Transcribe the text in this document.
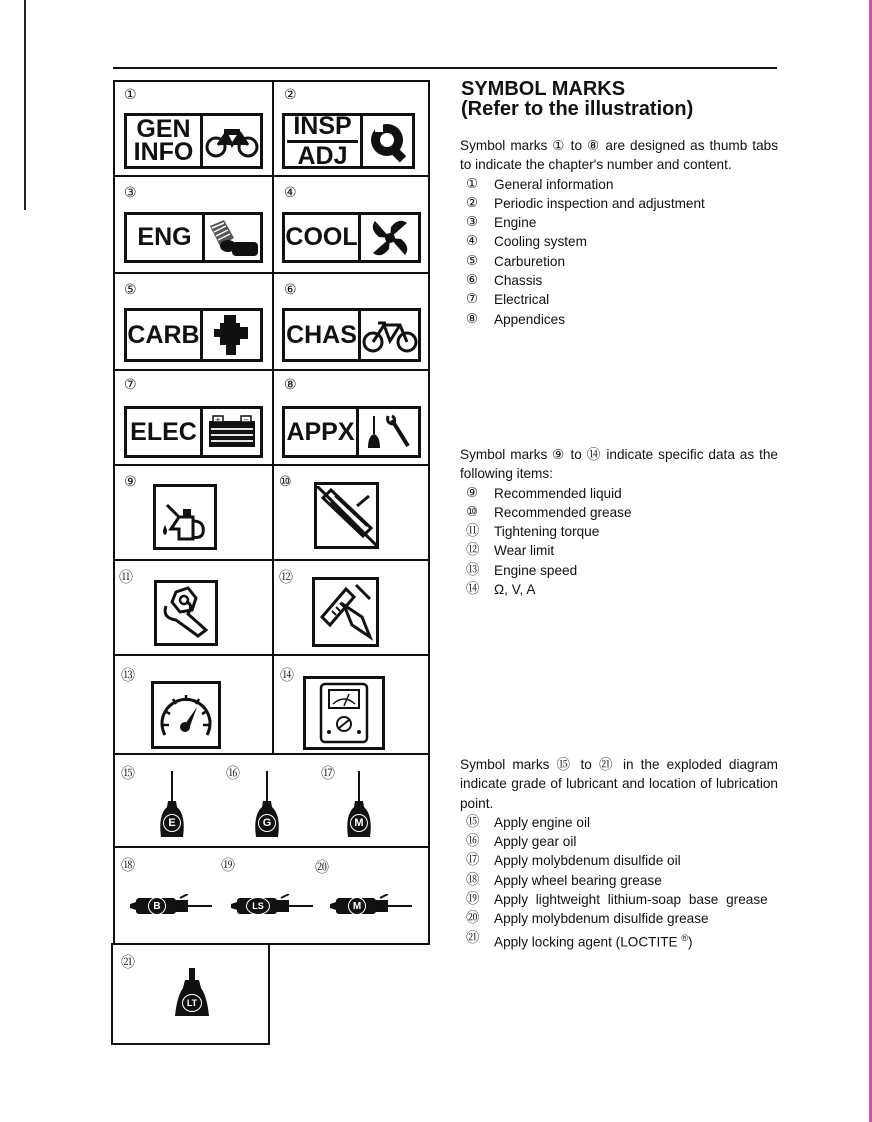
①
GEN
INFO
②
INSP
ADJ
③
ENG
④
COOL
⑤
CARB
⑥
CHAS
⑦
ELEC	+	−
⑧
APPX
⑨	⑩
⑪	⑫
⑬	⑭
⑮	⑯	⑰
E	G	M
⑱	⑲	⑳
B	LS	M
㉑
LT
SYMBOL MARKS
(Refer to the illustration)
Symbol marks ① to ⑧ are designed as thumb tabs to indicate the chapter's number and content.
①	General information
②	Periodic inspection and adjustment
③	Engine
④	Cooling system
⑤	Carburetion
⑥	Chassis
⑦	Electrical
⑧	Appendices
Symbol marks ⑨ to ⑭ indicate specific data as the following items:
⑨	Recommended liquid
⑩	Recommended grease
⑪	Tightening torque
⑫	Wear limit
⑬	Engine speed
⑭	Ω, V, A
Symbol marks ⑮ to ㉑ in the exploded diagram indicate grade of lubricant and location of lubrication point.
⑮	Apply engine oil
⑯	Apply gear oil
⑰	Apply molybdenum disulfide oil
⑱	Apply wheel bearing grease
⑲	Apply lightweight lithium-soap base grease
⑳	Apply molybdenum disulfide grease
㉑	Apply locking agent (LOCTITE ®)
